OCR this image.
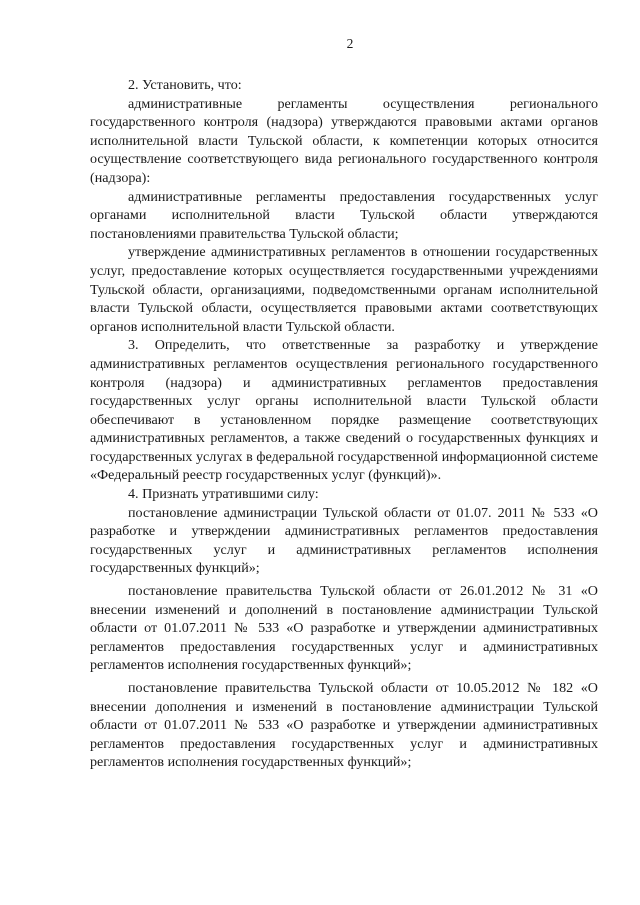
2

2. Установить, что:

административные регламенты осуществления регионального государственного контроля (надзора) утверждаются правовыми актами органов исполнительной власти Тульской области, к компетенции которых относится осуществление соответствующего вида регионального государственного контроля (надзора):

административные регламенты предоставления государственных услуг органами исполнительной власти Тульской области утверждаются постановлениями правительства Тульской области;

утверждение административных регламентов в отношении государственных услуг, предоставление которых осуществляется государственными учреждениями Тульской области, организациями, подведомственными органам исполнительной власти Тульской области, осуществляется правовыми актами соответствующих органов исполнительной власти Тульской области.

3. Определить, что ответственные за разработку и утверждение административных регламентов осуществления регионального государственного контроля (надзора) и административных регламентов предоставления государственных услуг органы исполнительной власти Тульской области обеспечивают в установленном порядке размещение соответствующих административных регламентов, а также сведений о государственных функциях и государственных услугах в федеральной государственной информационной системе «Федеральный реестр государственных услуг (функций)».

4. Признать утратившими силу:

постановление администрации Тульской области от 01.07. 2011 № 533 «О разработке и утверждении административных регламентов предоставления государственных услуг и административных регламентов исполнения государственных функций»;

постановление правительства Тульской области от 26.01.2012 № 31 «О внесении изменений и дополнений в постановление администрации Тульской области от 01.07.2011 № 533 «О разработке и утверждении административных регламентов предоставления государственных услуг и административных регламентов исполнения государственных функций»;

постановление правительства Тульской области от 10.05.2012 № 182 «О внесении дополнения и изменений в постановление администрации Тульской области от 01.07.2011 № 533 «О разработке и утверждении административных регламентов предоставления государственных услуг и административных регламентов исполнения государственных функций»;
